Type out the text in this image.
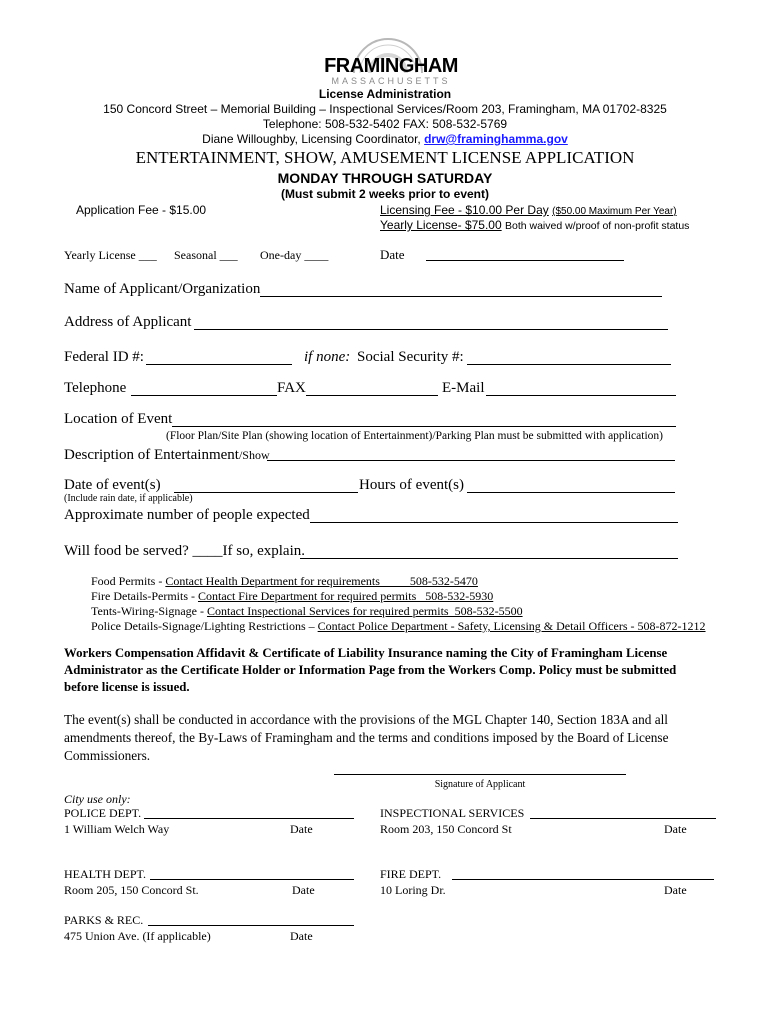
FRAMINGHAM
MASSACHUSETTS
License Administration
150 Concord Street – Memorial Building – Inspectional Services/Room 203, Framingham, MA 01702-8325
Telephone: 508-532-5402 FAX: 508-532-5769
Diane Willoughby, Licensing Coordinator, drw@framinghamma.gov
ENTERTAINMENT, SHOW, AMUSEMENT LICENSE APPLICATION
MONDAY THROUGH SATURDAY
(Must submit 2 weeks prior to event)
Application Fee - $15.00	Licensing Fee - $10.00 Per Day ($50.00 Maximum Per Year)
Yearly License- $75.00 Both waived w/proof of non-profit status
Yearly License ___ Seasonal ___ One-day ____	Date
Name of Applicant/Organization
Address of Applicant
Federal ID #:	if none: Social Security #:
Telephone	FAX	E-Mail
Location of Event
(Floor Plan/Site Plan (showing location of Entertainment)/Parking Plan must be submitted with application)
Description of Entertainment/Show
Date of event(s)	Hours of event(s)
(Include rain date, if applicable)
Approximate number of people expected
Will food be served? ____If so, explain.
Food Permits - Contact Health Department for requirements          508-532-5470
Fire Details-Permits - Contact Fire Department for required permits   508-532-5930
Tents-Wiring-Signage - Contact Inspectional Services for required permits  508-532-5500
Police Details-Signage/Lighting Restrictions – Contact Police Department - Safety, Licensing & Detail Officers - 508-872-1212
Workers Compensation Affidavit & Certificate of Liability Insurance naming the City of Framingham License
Administrator as the Certificate Holder or Information Page from the Workers Comp. Policy must be submitted
before license is issued.
The event(s) shall be conducted in accordance with the provisions of the MGL Chapter 140, Section 183A and all
amendments thereof, the By-Laws of Framingham and the terms and conditions imposed by the Board of License
Commissioners.
Signature of Applicant
City use only:
POLICE DEPT.
1 William Welch Way	Date
INSPECTIONAL SERVICES
Room 203, 150 Concord St	Date
HEALTH DEPT.
Room 205, 150 Concord St.	Date
FIRE DEPT.
10 Loring Dr.	Date
PARKS & REC.
475 Union Ave. (If applicable)	Date
